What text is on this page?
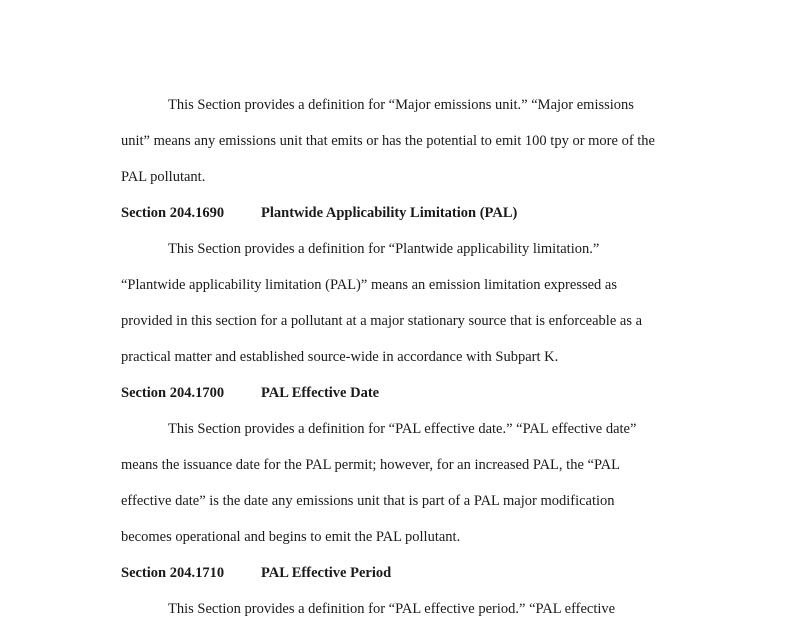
This Section provides a definition for “Major emissions unit.” “Major emissions
unit” means any emissions unit that emits or has the potential to emit 100 tpy or more of the
PAL pollutant.
Section 204.1690	Plantwide Applicability Limitation (PAL)
This Section provides a definition for “Plantwide applicability limitation.”
“Plantwide applicability limitation (PAL)” means an emission limitation expressed as
provided in this section for a pollutant at a major stationary source that is enforceable as a
practical matter and established source-wide in accordance with Subpart K.
Section 204.1700	PAL Effective Date
This Section provides a definition for “PAL effective date.” “PAL effective date”
means the issuance date for the PAL permit; however, for an increased PAL, the “PAL
effective date” is the date any emissions unit that is part of a PAL major modification
becomes operational and begins to emit the PAL pollutant.
Section 204.1710	PAL Effective Period
This Section provides a definition for “PAL effective period.” “PAL effective
